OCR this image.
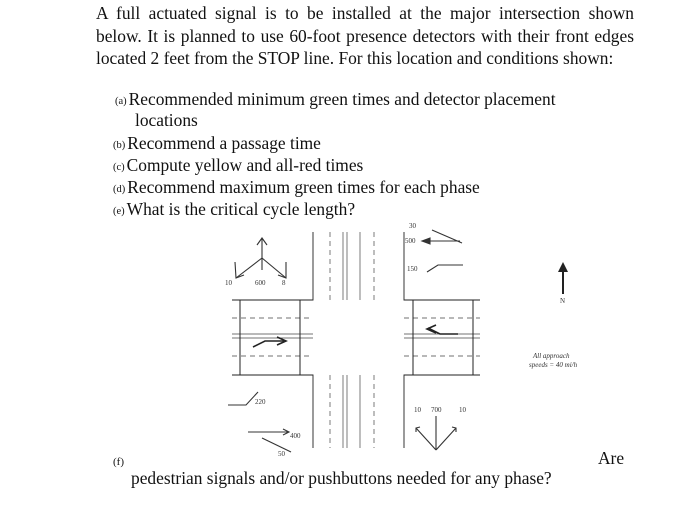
A full actuated signal is to be installed at the major intersection shown below. It is planned to use 60-foot presence detectors with their front edges located 2 feet from the STOP line. For this location and conditions shown:
(a) Recommended minimum green times and detector placement
locations
(b) Recommend a passage time
(c) Compute yellow and all-red times
(d) Recommend maximum green times for each phase
(e) What is the critical cycle length?
10	600 8
30
500
150
220
400
50
10 700	10
N
All approach
speeds = 40 mi/h
(f)	Are
pedestrian signals and/or pushbuttons needed for any phase?
